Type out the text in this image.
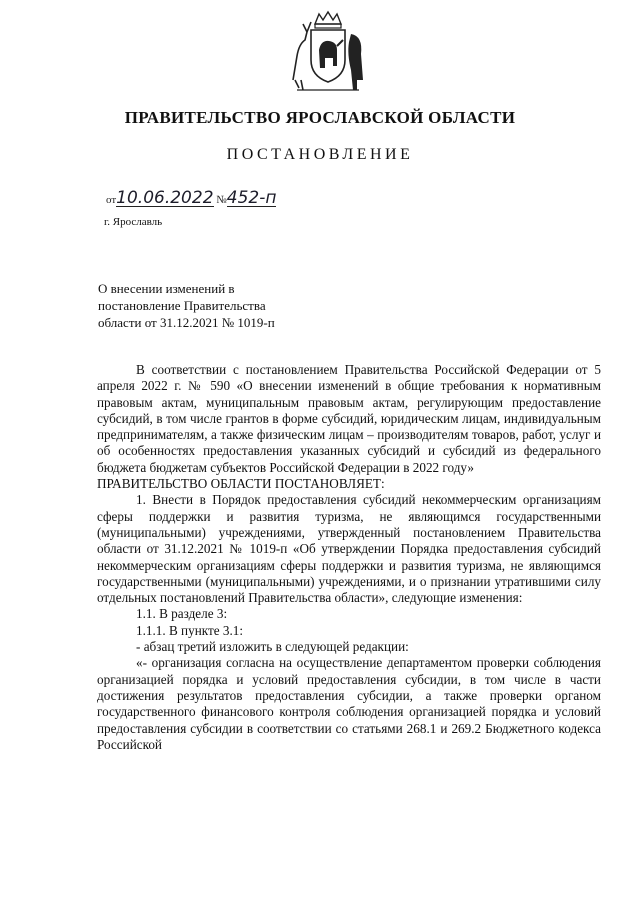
ПРАВИТЕЛЬСТВО ЯРОСЛАВСКОЙ ОБЛАСТИ
ПОСТАНОВЛЕНИЕ
от10.06.2022 №452-п
г. Ярославль
О внесении изменений в
постановление Правительства
области от 31.12.2021 № 1019-п

В соответствии с постановлением Правительства Российской Федерации от 5 апреля 2022 г. № 590 «О внесении изменений в общие требования к нормативным правовым актам, муниципальным правовым актам, регулирующим предоставление субсидий, в том числе грантов в форме субсидий, юридическим лицам, индивидуальным предпринимателям, а также физическим лицам – производителям товаров, работ, услуг и об особенностях предоставления указанных субсидий и субсидий из федерального бюджета бюджетам субъектов Российской Федерации в 2022 году»

ПРАВИТЕЛЬСТВО ОБЛАСТИ ПОСТАНОВЛЯЕТ:

1. Внести в Порядок предоставления субсидий некоммерческим организациям сферы поддержки и развития туризма, не являющимся государственными (муниципальными) учреждениями, утвержденный постановлением Правительства области от 31.12.2021 № 1019-п «Об утверждении Порядка предоставления субсидий некоммерческим организациям сферы поддержки и развития туризма, не являющимся государственными (муниципальными) учреждениями, и о признании утратившими силу отдельных постановлений Правительства области», следующие изменения:

1.1. В разделе 3:

1.1.1. В пункте 3.1:

- абзац третий изложить в следующей редакции:

«- организация согласна на осуществление департаментом проверки соблюдения организацией порядка и условий предоставления субсидии, в том числе в части достижения результатов предоставления субсидии, а также проверки органом государственного финансового контроля соблюдения организацией порядка и условий предоставления субсидии в соответствии со статьями 268.1 и 269.2 Бюджетного кодекса Российской
